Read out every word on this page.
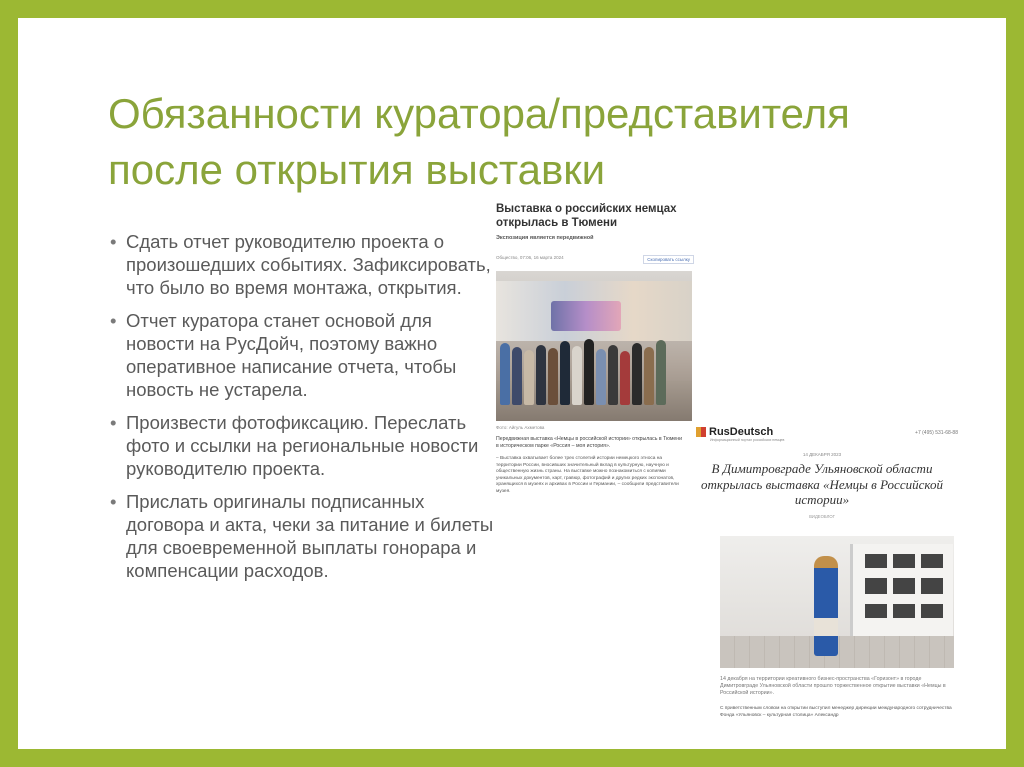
Обязанности куратора/представителя
после открытия выставки
• Сдать отчет руководителю проекта о произошедших событиях. Зафиксировать, что было во время монтажа, открытия.
• Отчет куратора станет основой для новости на РусДойч, поэтому важно оперативное написание отчета, чтобы новость не устарела.
• Произвести фотофиксацию. Переслать фото и ссылки на региональные новости руководителю проекта.
• Прислать оригиналы подписанных договора и акта, чеки за питание и билеты для своевременной выплаты гонорара и компенсации расходов.
Выставка о российских немцах открылась в Тюмени
Экспозиция является передвижной
Общество, 07:06, 16 марта 2024	Скопировать ссылку
Фото: Айгуль Ахметова
Передвижная выставка «Немцы в российской истории» открылась в Тюмени в историческом парке «Россия – моя история».
– Выставка охватывает более трех столетий истории немецкого этноса на территории России, вносивших значительный вклад в культурную, научную и общественную жизнь страны. На выставке можно познакомиться с копиями уникальных документов, карт, гравюр, фотографий и других редких экспонатов, хранящихся в музеях и архивах в России и Германии, – сообщили представители музея.
RusDeutsch
Информационный портал российских немцев
+7 (495) 531-68-88
14 ДЕКАБРЯ 2023
В Димитровграде Ульяновской области открылась выставка «Немцы в Российской истории»
ВИДЕОБЛОГ
14 декабря на территории креативного бизнес-пространства «Горизонт» в городе Димитровграде Ульяновской области прошло торжественное открытие выставки «Немцы в Российской истории».
С приветственным словом на открытии выступил менеджер дирекции международного сотрудничества Фонда «Ульяновск – культурная столица» Александр
